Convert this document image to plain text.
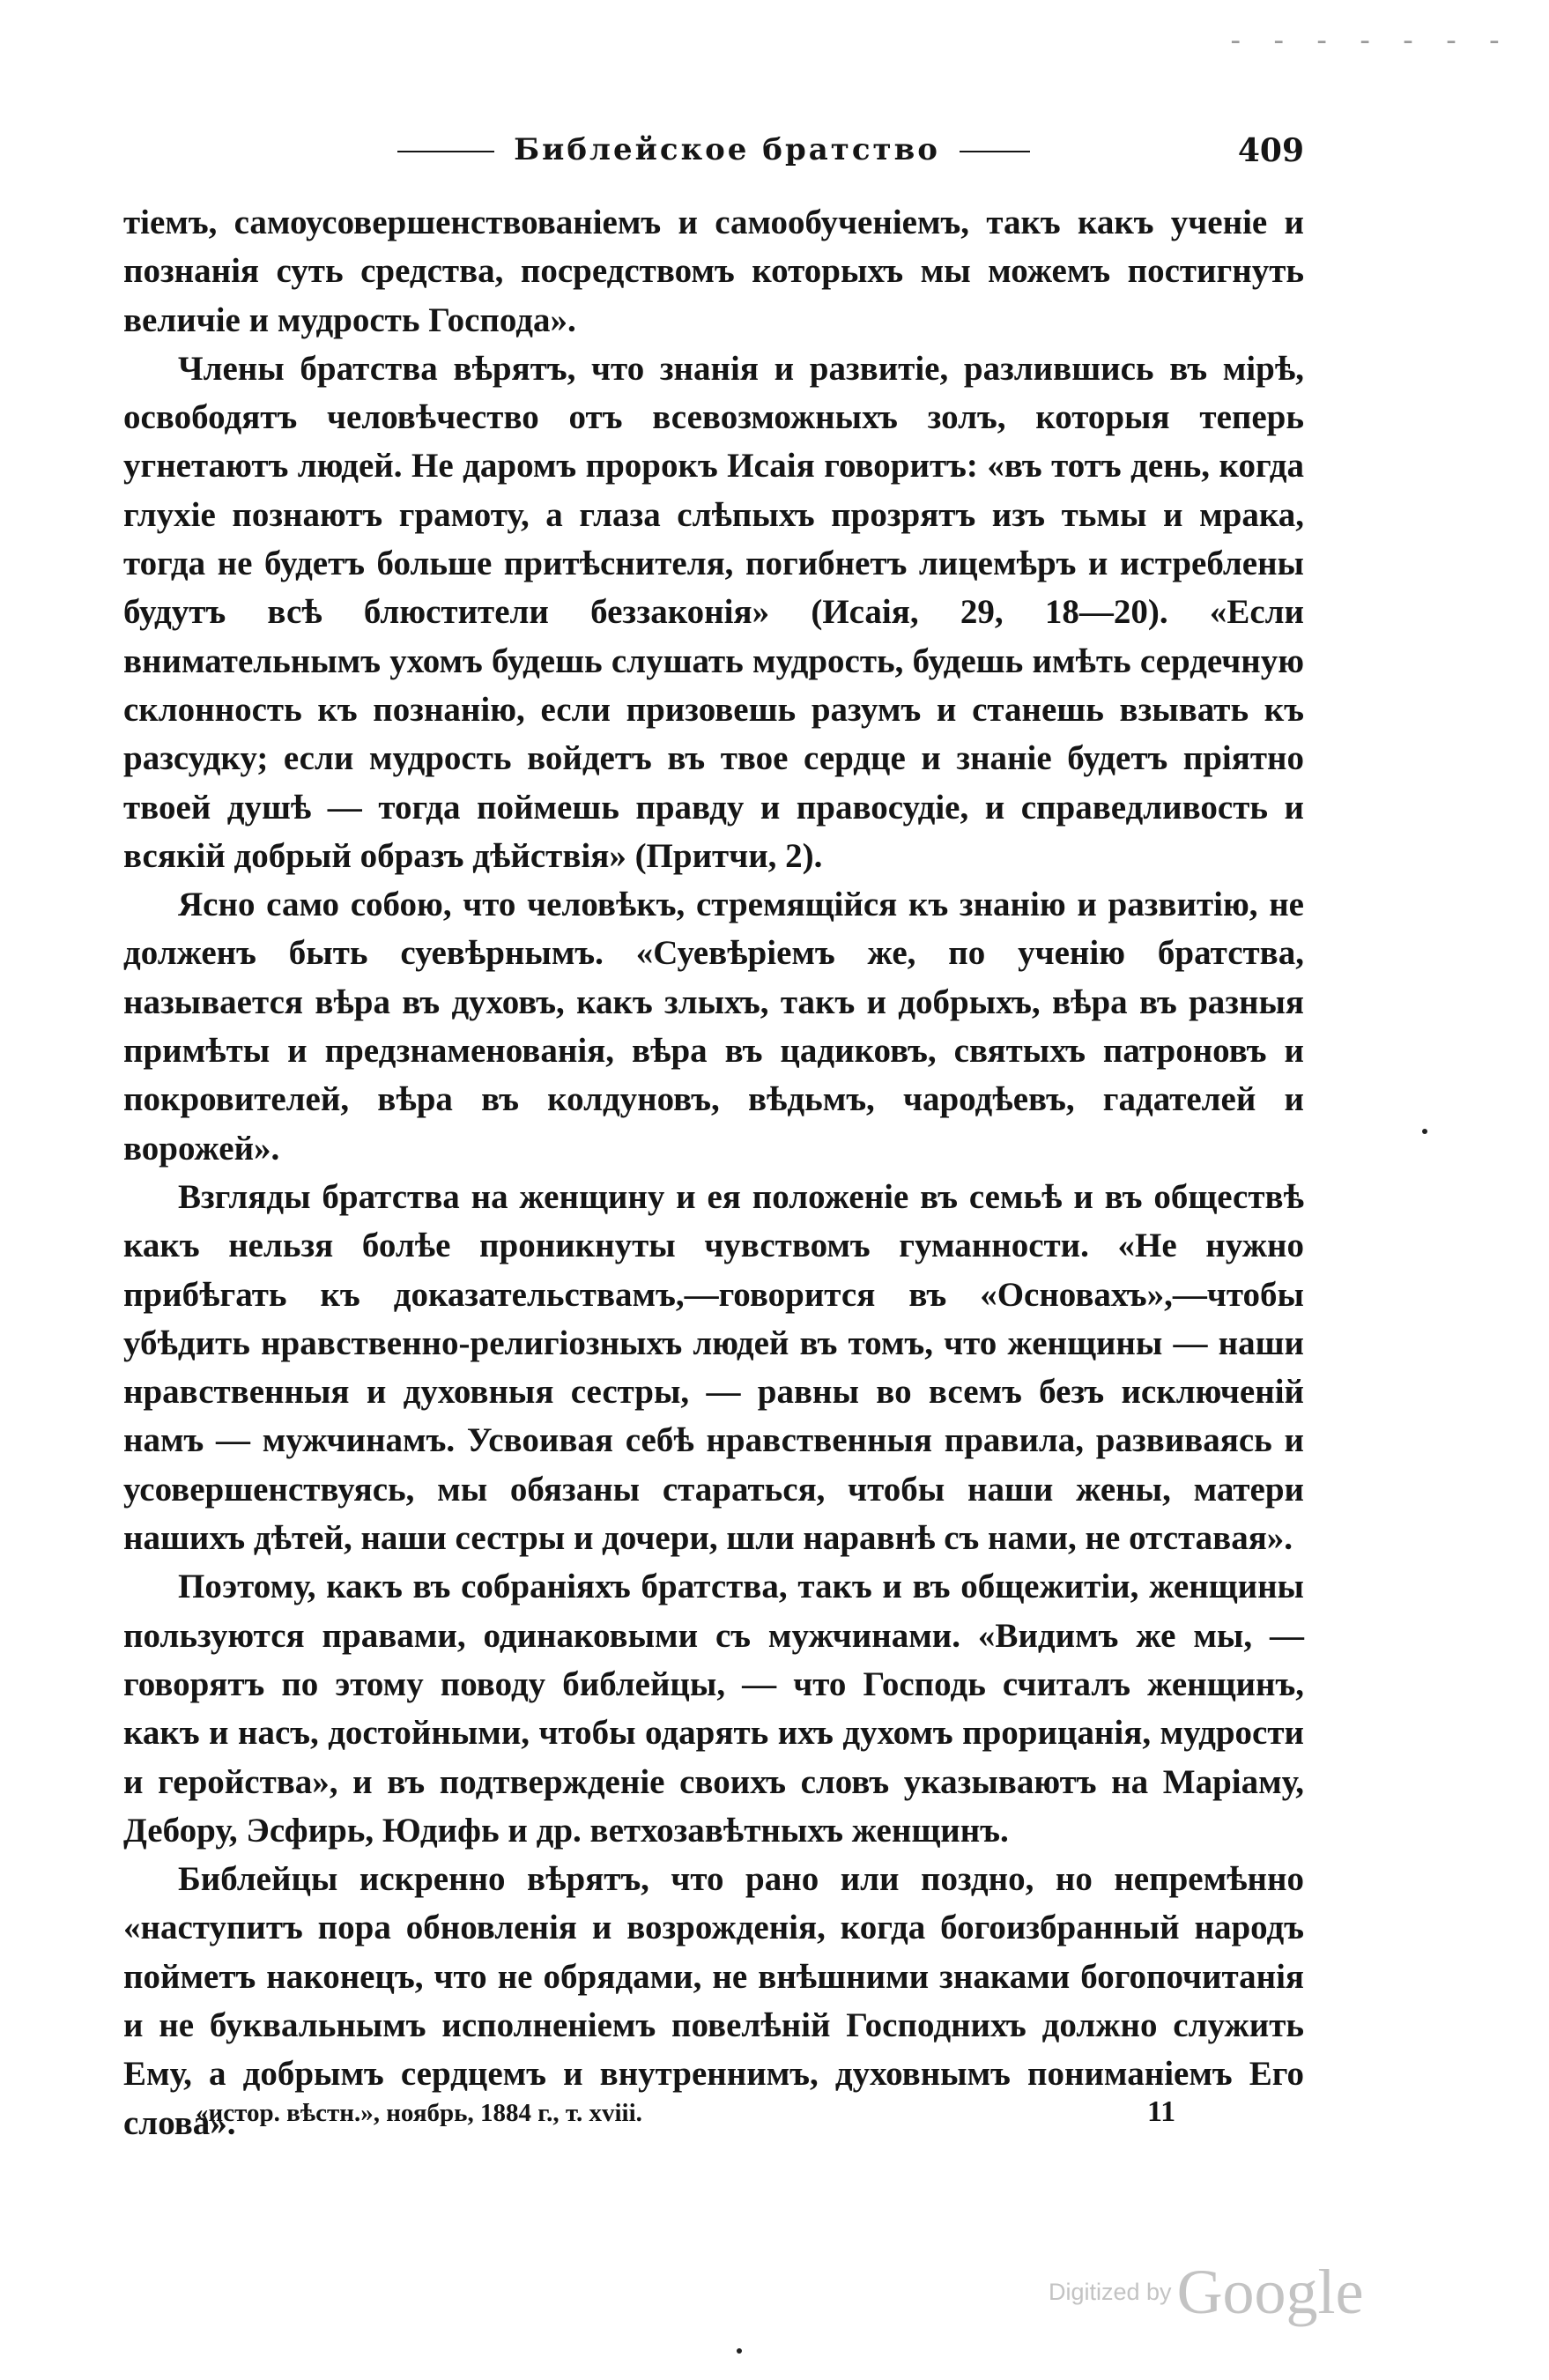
- - - - - - -
Библейское братство	409

тіемъ, самоусовершенствованіемъ и самообученіемъ, такъ какъ ученіе и познанія суть средства, посредствомъ которыхъ мы можемъ постигнуть величіе и мудрость Господа».

Члены братства вѣрятъ, что знанія и развитіе, разлившись въ мірѣ, освободятъ человѣчество отъ всевозможныхъ золъ, которыя теперь угнетаютъ людей. Не даромъ пророкъ Исаія говоритъ: «въ тотъ день, когда глухіе познаютъ грамоту, а глаза слѣпыхъ прозрятъ изъ тьмы и мрака, тогда не будетъ больше притѣснителя, погибнетъ лицемѣръ и истреблены будутъ всѣ блюстители беззаконія» (Исаія, 29, 18—20). «Если внимательнымъ ухомъ будешь слушать мудрость, будешь имѣть сердечную склонность къ познанію, если призовешь разумъ и станешь взывать къ разсудку; если мудрость войдетъ въ твое сердце и знаніе будетъ пріятно твоей душѣ — тогда поймешь правду и правосудіе, и справедливость и всякій добрый образъ дѣйствія» (Притчи, 2).

Ясно само собою, что человѣкъ, стремящійся къ знанію и развитію, не долженъ быть суевѣрнымъ. «Суевѣріемъ же, по ученію братства, называется вѣра въ духовъ, какъ злыхъ, такъ и добрыхъ, вѣра въ разныя примѣты и предзнаменованія, вѣра въ цадиковъ, святыхъ патроновъ и покровителей, вѣра въ колдуновъ, вѣдьмъ, чародѣевъ, гадателей и ворожей».

Взгляды братства на женщину и ея положеніе въ семьѣ и въ обществѣ какъ нельзя болѣе проникнуты чувствомъ гуманности. «Не нужно прибѣгать къ доказательствамъ,—говорится въ «Основахъ»,—чтобы убѣдить нравственно-религіозныхъ людей въ томъ, что женщины — наши нравственныя и духовныя сестры, — равны во всемъ безъ исключеній намъ — мужчинамъ. Усвоивая себѣ нравственныя правила, развиваясь и усовершенствуясь, мы обязаны стараться, чтобы наши жены, матери нашихъ дѣтей, наши сестры и дочери, шли наравнѣ съ нами, не отставая».

Поэтому, какъ въ собраніяхъ братства, такъ и въ общежитіи, женщины пользуются правами, одинаковыми съ мужчинами. «Видимъ же мы, — говорятъ по этому поводу библейцы, — что Господь считалъ женщинъ, какъ и насъ, достойными, чтобы одарять ихъ духомъ прорицанія, мудрости и геройства», и въ подтвержденіе своихъ словъ указываютъ на Маріаму, Дебору, Эсфирь, Юдифь и др. ветхозавѣтныхъ женщинъ.

Библейцы искренно вѣрятъ, что рано или поздно, но непремѣнно «наступитъ пора обновленія и возрожденія, когда богоизбранный народъ пойметъ наконецъ, что не обрядами, не внѣшними знаками богопочитанія и не буквальнымъ исполненіемъ повелѣній Господнихъ должно служить Ему, а добрымъ сердцемъ и внутреннимъ, духовнымъ пониманіемъ Его слова».

«истор. вѣстн.», ноябрь, 1884 г., т. xviii.	11
Digitized byGoogle
